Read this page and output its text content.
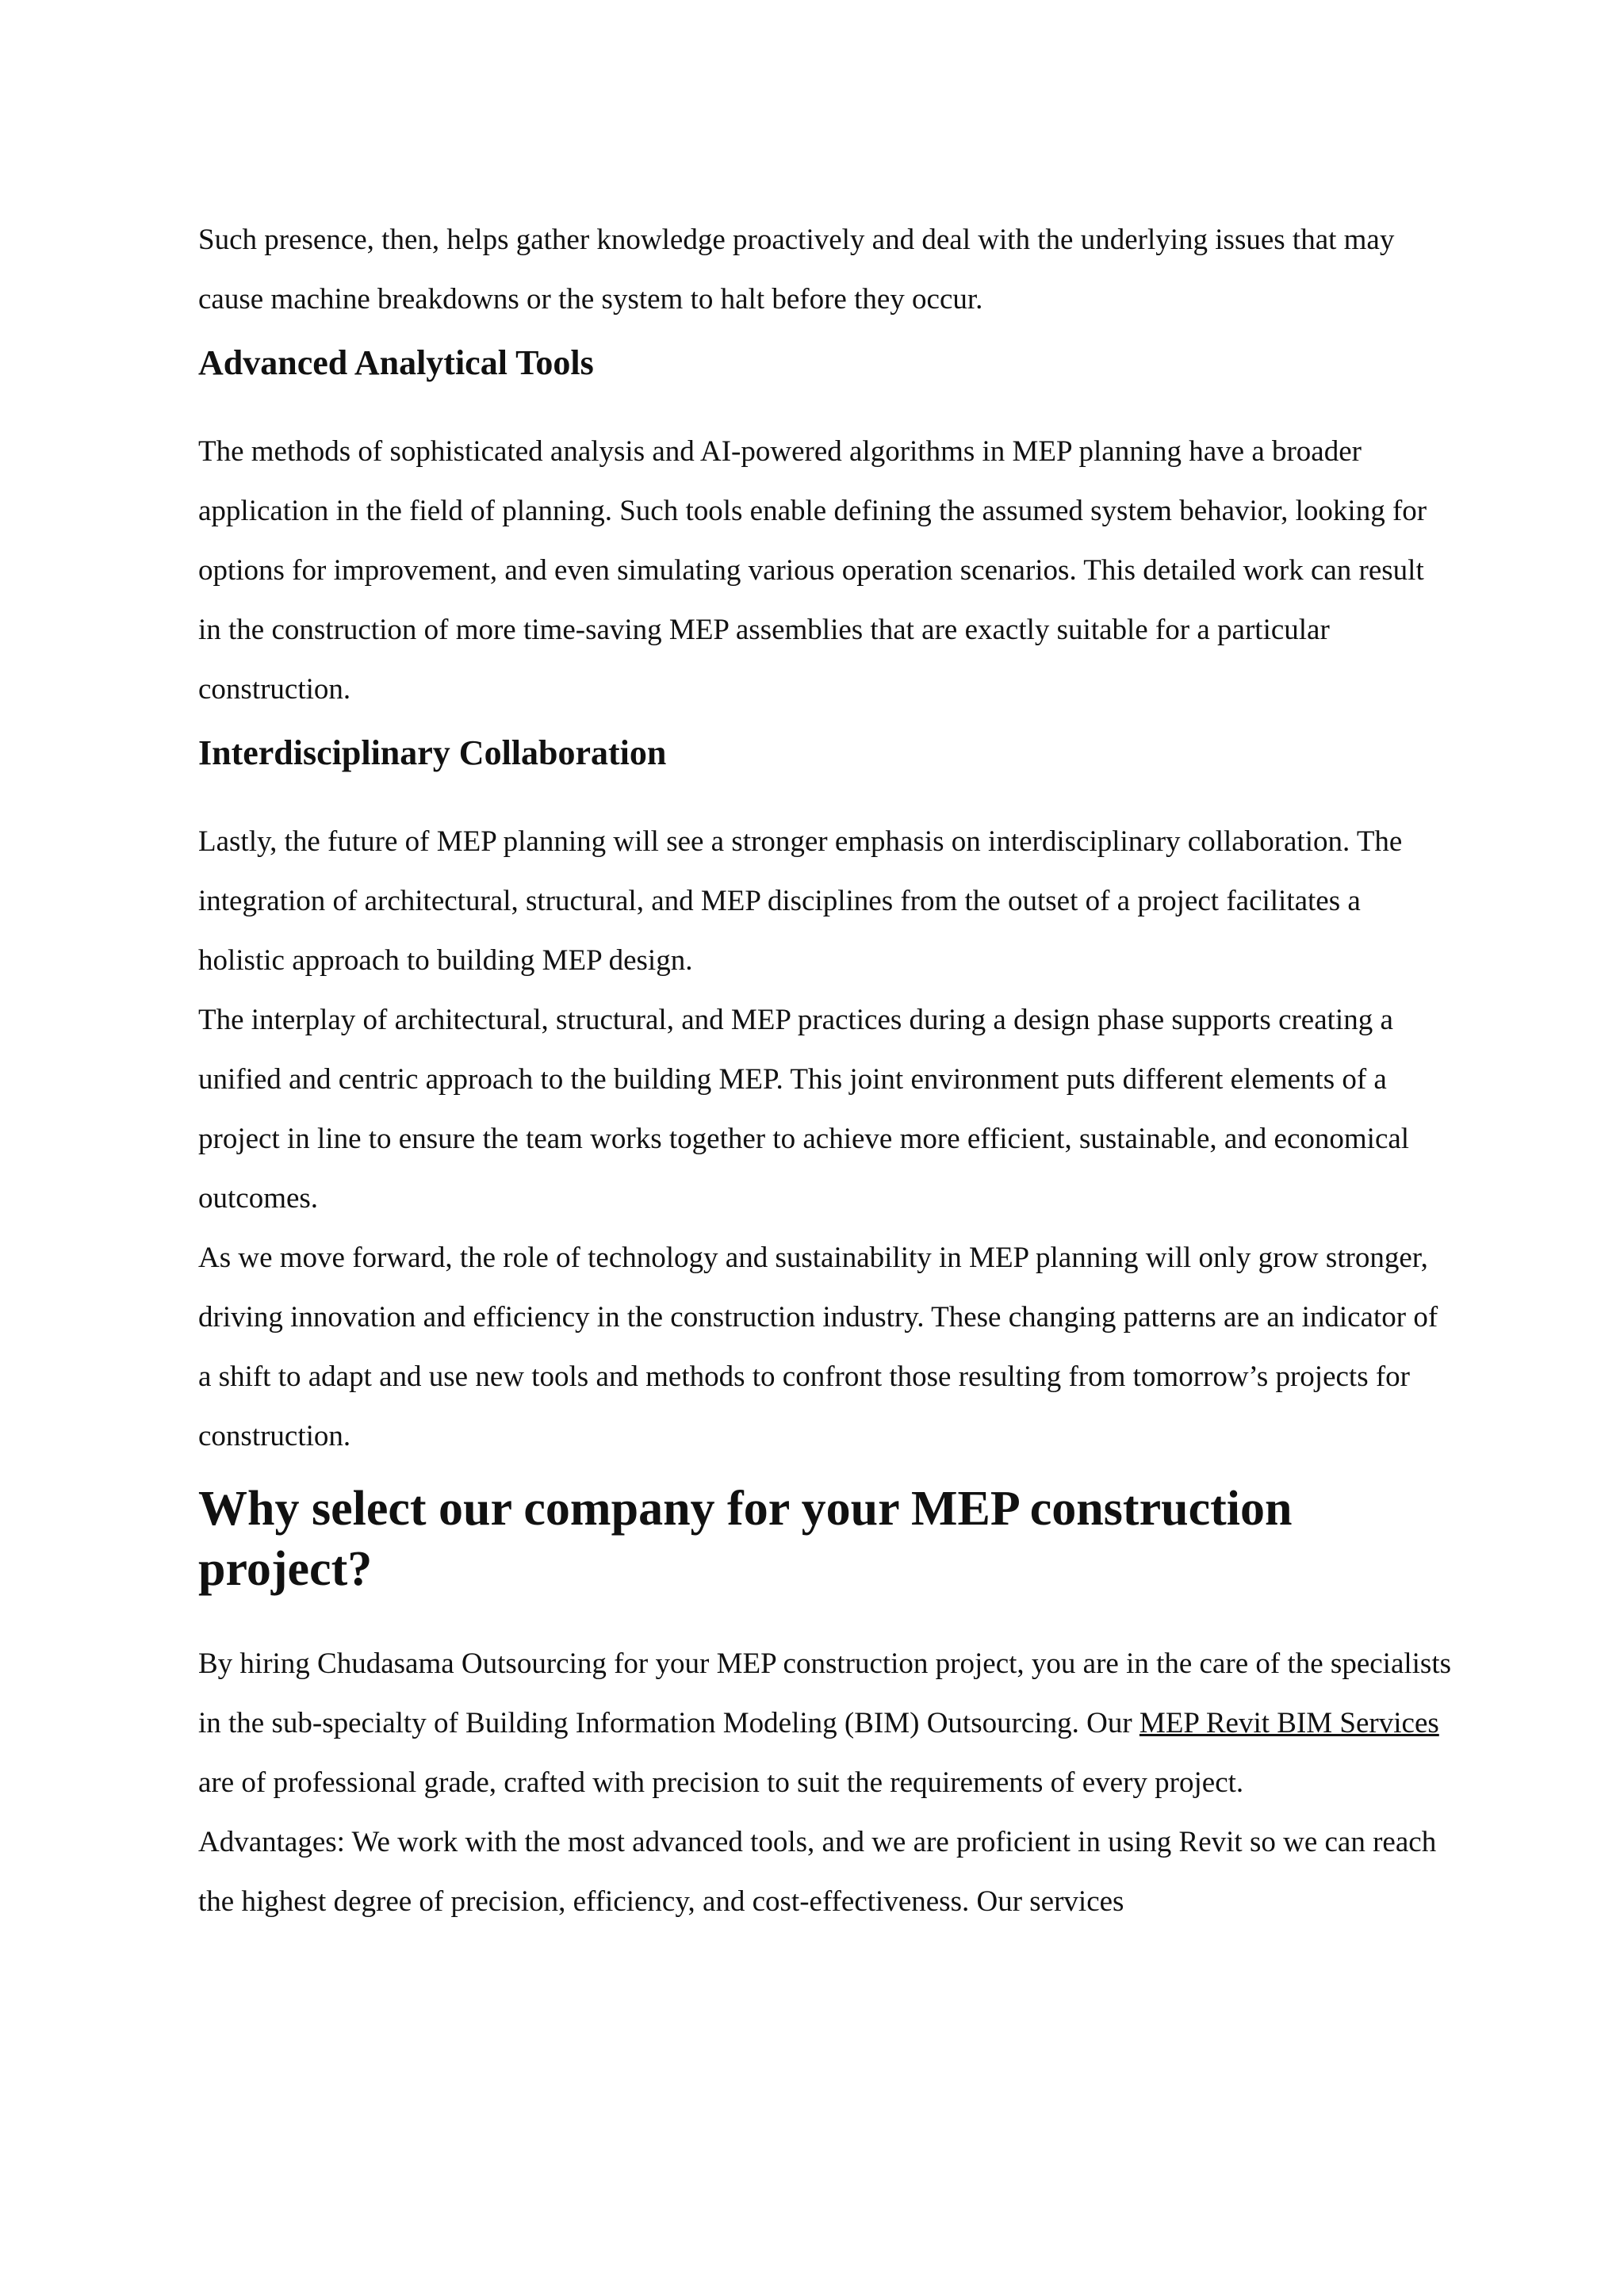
Such presence, then, helps gather knowledge proactively and deal with the underlying issues that may cause machine breakdowns or the system to halt before they occur.

Advanced Analytical Tools

The methods of sophisticated analysis and AI-powered algorithms in MEP planning have a broader application in the field of planning. Such tools enable defining the assumed system behavior, looking for options for improvement, and even simulating various operation scenarios. This detailed work can result in the construction of more time-saving MEP assemblies that are exactly suitable for a particular construction.

Interdisciplinary Collaboration

Lastly, the future of MEP planning will see a stronger emphasis on interdisciplinary collaboration. The integration of architectural, structural, and MEP disciplines from the outset of a project facilitates a holistic approach to building MEP design.

The interplay of architectural, structural, and MEP practices during a design phase supports creating a unified and centric approach to the building MEP. This joint environment puts different elements of a project in line to ensure the team works together to achieve more efficient, sustainable, and economical outcomes.

As we move forward, the role of technology and sustainability in MEP planning will only grow stronger, driving innovation and efficiency in the construction industry. These changing patterns are an indicator of a shift to adapt and use new tools and methods to confront those resulting from tomorrow’s projects for construction.

Why select our company for your MEP construction project?

By hiring Chudasama Outsourcing for your MEP construction project, you are in the care of the specialists in the sub-specialty of Building Information Modeling (BIM) Outsourcing. Our MEP Revit BIM Services are of professional grade, crafted with precision to suit the requirements of every project.

Advantages: We work with the most advanced tools, and we are proficient in using Revit so we can reach the highest degree of precision, efficiency, and cost-effectiveness. Our services
